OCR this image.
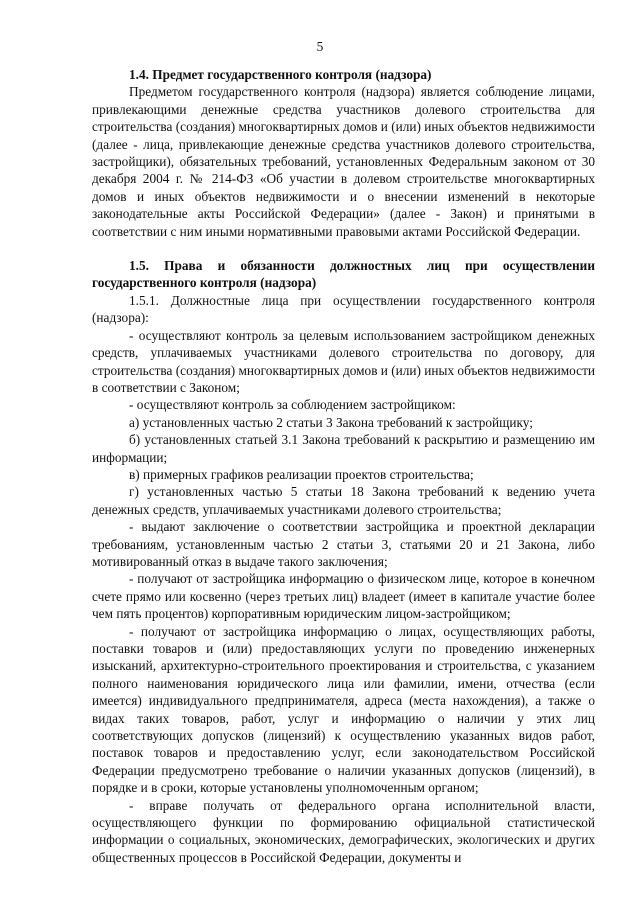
5

1.4. Предмет государственного контроля (надзора)

Предметом государственного контроля (надзора) является соблюдение лицами, привлекающими денежные средства участников долевого строительства для строительства (создания) многоквартирных домов и (или) иных объектов недвижимости (далее - лица, привлекающие денежные средства участников долевого строительства, застройщики), обязательных требований, установленных Федеральным законом от 30 декабря 2004 г. № 214-ФЗ «Об участии в долевом строительстве многоквартирных домов и иных объектов недвижимости и о внесении изменений в некоторые законодательные акты Российской Федерации» (далее - Закон) и принятыми в соответствии с ним иными нормативными правовыми актами Российской Федерации.

1.5. Права и обязанности должностных лиц при осуществлении государственного контроля (надзора)

1.5.1. Должностные лица при осуществлении государственного контроля (надзора):

- осуществляют контроль за целевым использованием застройщиком денежных средств, уплачиваемых участниками долевого строительства по договору, для строительства (создания) многоквартирных домов и (или) иных объектов недвижимости в соответствии с Законом;

- осуществляют контроль за соблюдением застройщиком:

а) установленных частью 2 статьи 3 Закона требований к застройщику;

б) установленных статьей 3.1 Закона требований к раскрытию и размещению им информации;

в) примерных графиков реализации проектов строительства;

г) установленных частью 5 статьи 18 Закона требований к ведению учета денежных средств, уплачиваемых участниками долевого строительства;

- выдают заключение о соответствии застройщика и проектной декларации требованиям, установленным частью 2 статьи 3, статьями 20 и 21 Закона, либо мотивированный отказ в выдаче такого заключения;

- получают от застройщика информацию о физическом лице, которое в конечном счете прямо или косвенно (через третьих лиц) владеет (имеет в капитале участие более чем пять процентов) корпоративным юридическим лицом-застройщиком;

- получают от застройщика информацию о лицах, осуществляющих работы, поставки товаров и (или) предоставляющих услуги по проведению инженерных изысканий, архитектурно-строительного проектирования и строительства, с указанием полного наименования юридического лица или фамилии, имени, отчества (если имеется) индивидуального предпринимателя, адреса (места нахождения), а также о видах таких товаров, работ, услуг и информацию о наличии у этих лиц соответствующих допусков (лицензий) к осуществлению указанных видов работ, поставок товаров и предоставлению услуг, если законодательством Российской Федерации предусмотрено требование о наличии указанных допусков (лицензий), в порядке и в сроки, которые установлены уполномоченным органом;

- вправе получать от федерального органа исполнительной власти, осуществляющего функции по формированию официальной статистической информации о социальных, экономических, демографических, экологических и других общественных процессов в Российской Федерации, документы и
